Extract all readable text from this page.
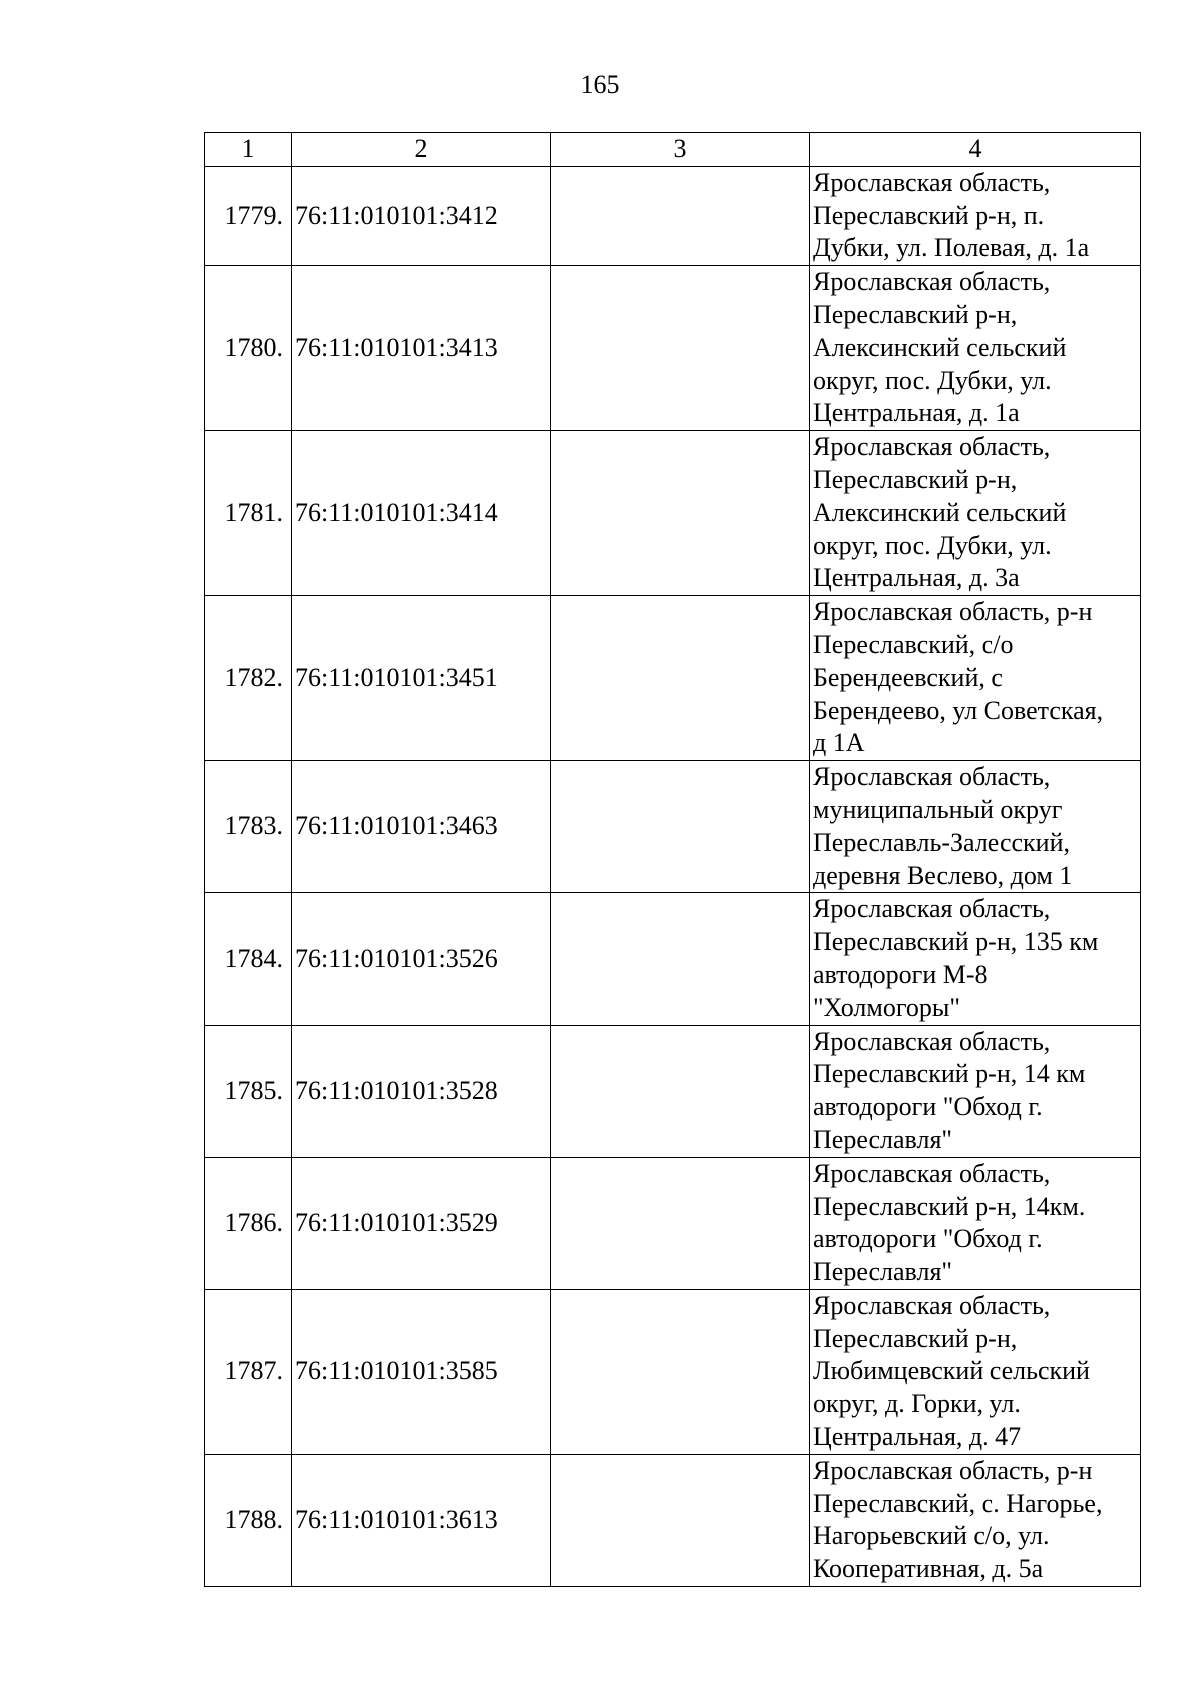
165
1	2	3	4
1779.	76:11:010101:3412		Ярославская область,
Переславский р-н, п.
Дубки, ул. Полевая, д. 1а

1780.	76:11:010101:3413		Ярославская область,
Переславский р-н,
Алексинский сельский
округ, пос. Дубки, ул.
Центральная, д. 1а

1781.	76:11:010101:3414		Ярославская область,
Переславский р-н,
Алексинский сельский
округ, пос. Дубки, ул.
Центральная, д. 3а

1782.	76:11:010101:3451		Ярославская область, р-н
Переславский, с/о
Берендеевский, с
Берендеево, ул Советская,
д 1А

1783.	76:11:010101:3463		Ярославская область,
муниципальный округ
Переславль-Залесский,
деревня Веслево, дом 1

1784.	76:11:010101:3526		Ярославская область,
Переславский р-н, 135 км
автодороги М-8
"Холмогоры"

1785.	76:11:010101:3528		Ярославская область,
Переславский р-н, 14 км
автодороги "Обход г.
Переславля"

1786.	76:11:010101:3529		Ярославская область,
Переславский р-н, 14км.
автодороги "Обход г.
Переславля"

1787.	76:11:010101:3585		Ярославская область,
Переславский р-н,
Любимцевский сельский
округ, д. Горки, ул.
Центральная, д. 47

1788.	76:11:010101:3613		Ярославская область, р-н
Переславский, с. Нагорье,
Нагорьевский с/о, ул.
Кооперативная, д. 5а
